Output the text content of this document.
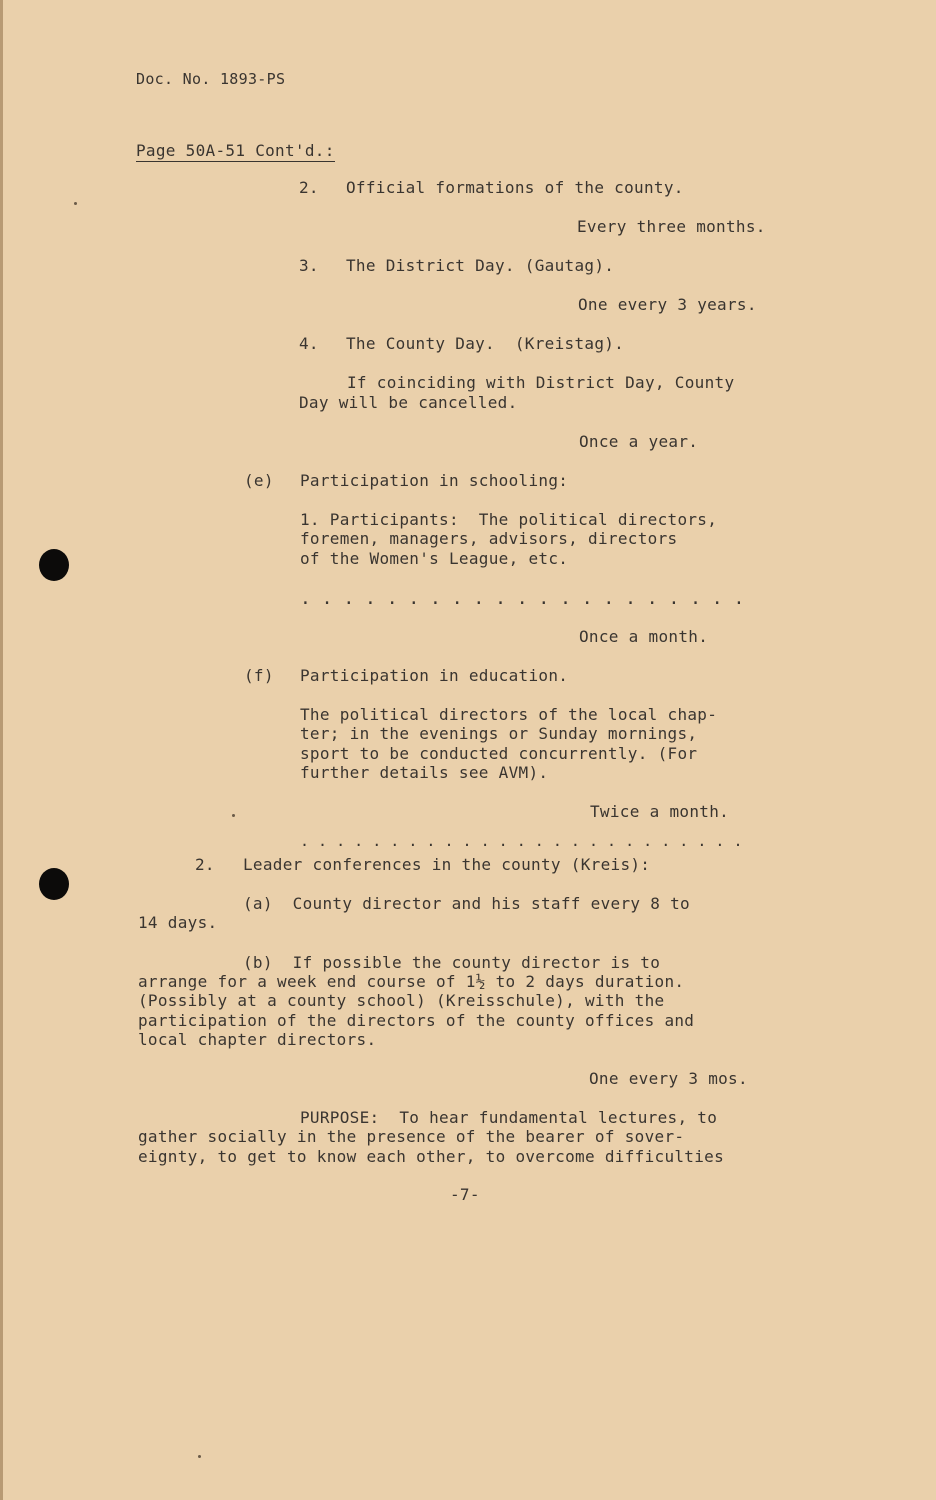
Doc. No. 1893-PS
Page 50A-51 Cont'd.:
2. Official formations of the county.
Every three months.
3. The District Day. (Gautag).
One every 3 years.
4. The County Day.  (Kreistag).
If coinciding with District Day, County
Day will be cancelled.
Once a year.
(e) Participation in schooling:
1. Participants:  The political directors,
foremen, managers, advisors, directors
of the Women's League, etc.
. . . . . . . . . . . . . . . . . . . . .
Once a month.
(f) Participation in education.
The political directors of the local chap-
ter; in the evenings or Sunday mornings,
sport to be conducted concurrently. (For
further details see AVM).
Twice a month.
. . . . . . . . . . . . . . . . . . . . . . . . .
2. Leader conferences in the county (Kreis):
(a)  County director and his staff every 8 to
14 days.
(b)  If possible the county director is to
arrange for a week end course of 1½ to 2 days duration.
(Possibly at a county school) (Kreisschule), with the
participation of the directors of the county offices and
local chapter directors.
One every 3 mos.
PURPOSE:  To hear fundamental lectures, to
gather socially in the presence of the bearer of sover-
eignty, to get to know each other, to overcome difficulties
-7-
